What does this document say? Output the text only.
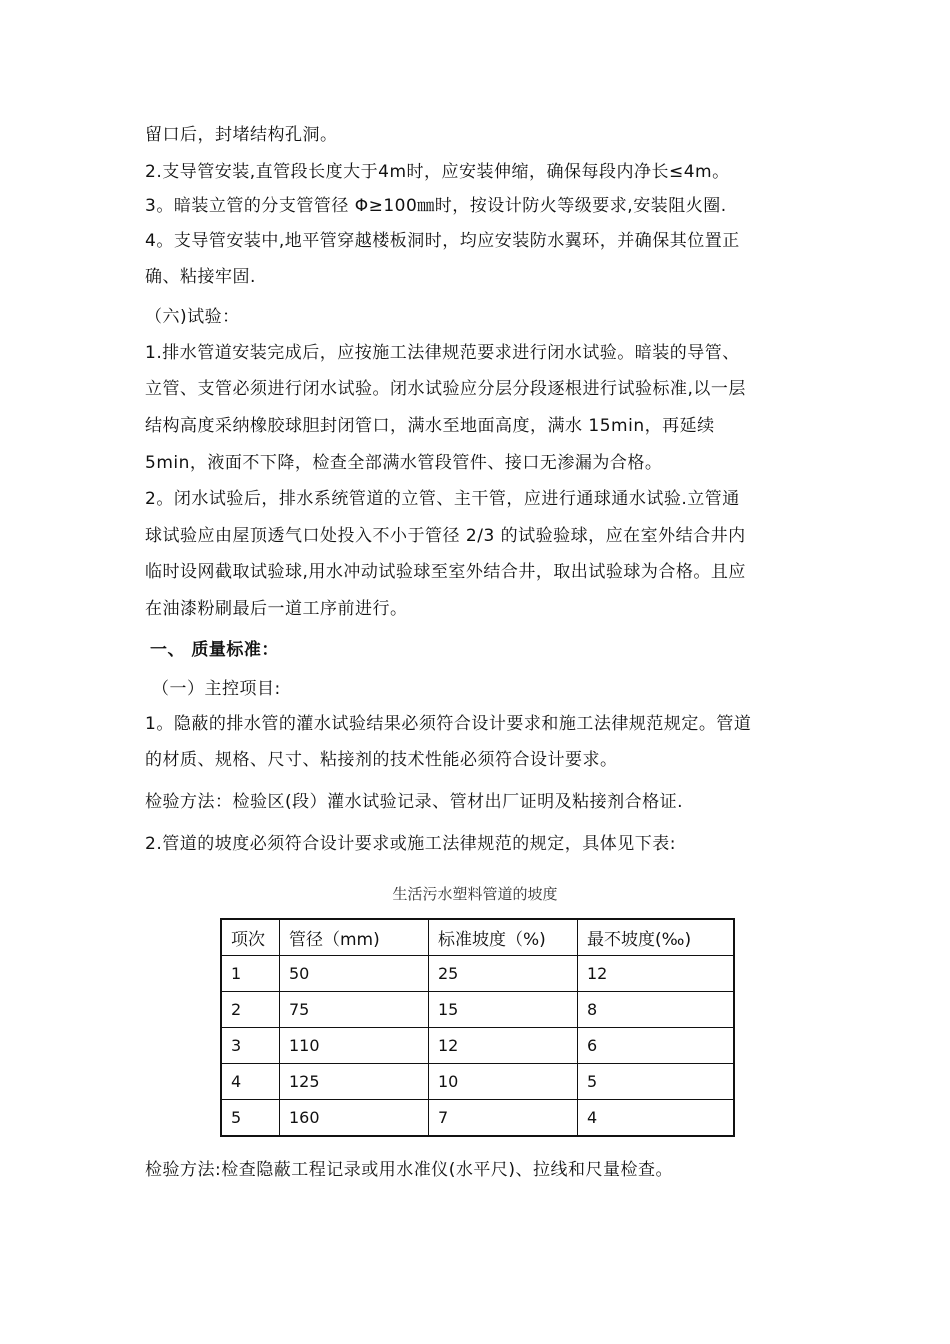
留口后，封堵结构孔洞。
2.支导管安装,直管段长度大于4m时，应安装伸缩，确保每段内净长≤4m。
3。暗装立管的分支管管径 Φ≥100㎜时，按设计防火等级要求,安装阻火圈.
4。支导管安装中,地平管穿越楼板洞时，均应安装防水翼环，并确保其位置正
确、粘接牢固.
（六)试验：
1.排水管道安装完成后，应按施工法律规范要求进行闭水试验。暗装的导管、
立管、支管必须进行闭水试验。闭水试验应分层分段逐根进行试验标准,以一层
结构高度采纳橡胶球胆封闭管口，满水至地面高度，满水 15min，再延续
5min，液面不下降，检查全部满水管段管件、接口无渗漏为合格。
2。闭水试验后，排水系统管道的立管、主干管，应进行通球通水试验.立管通
球试验应由屋顶透气口处投入不小于管径 2/3 的试验验球，应在室外结合井内
临时设网截取试验球,用水冲动试验球至室外结合井，取出试验球为合格。且应
在油漆粉刷最后一道工序前进行。
一、 质量标准：
（一）主控项目:
1。隐蔽的排水管的灌水试验结果必须符合设计要求和施工法律规范规定。管道
的材质、规格、尺寸、粘接剂的技术性能必须符合设计要求。
检验方法：检验区(段）灌水试验记录、管材出厂证明及粘接剂合格证.
2.管道的坡度必须符合设计要求或施工法律规范的规定，具体见下表:
生活污水塑料管道的坡度
项次	管径（mm)	标准坡度（%)	最不坡度(‰)
1	50	25	12
2	75	15	8
3	110	12	6
4	125	10	5
5	160	7	4
检验方法:检查隐蔽工程记录或用水准仪(水平尺)、拉线和尺量检查。
